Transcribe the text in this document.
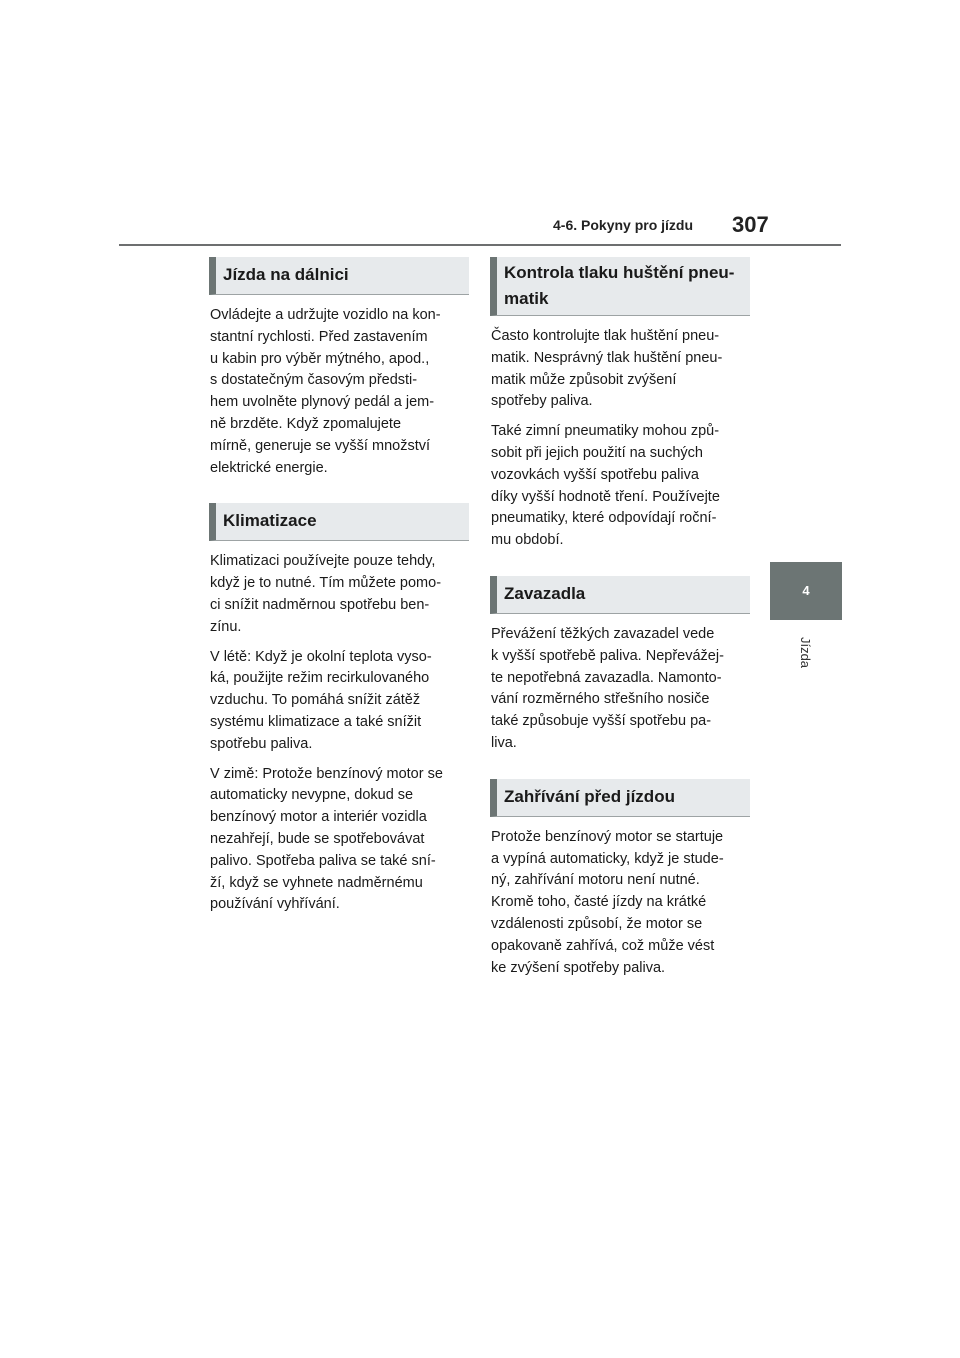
4-6. Pokyny pro jízdu 307
4
Jízda
Jízda na dálnici

Ovládejte a udržujte vozidlo na kon-
stantní rychlosti. Před zastavením
u kabin pro výběr mýtného, apod.,
s dostatečným časovým předsti-
hem uvolněte plynový pedál a jem-
ně brzděte. Když zpomalujete
mírně, generuje se vyšší množství
elektrické energie.

Klimatizace

Klimatizaci používejte pouze tehdy,
když je to nutné. Tím můžete pomo-
ci snížit nadměrnou spotřebu ben-
zínu.

V létě: Když je okolní teplota vyso-
ká, použijte režim recirkulovaného
vzduchu. To pomáhá snížit zátěž
systému klimatizace a také snížit
spotřebu paliva.

V zimě: Protože benzínový motor se
automaticky nevypne, dokud se
benzínový motor a interiér vozidla
nezahřejí, bude se spotřebovávat
palivo. Spotřeba paliva se také sní-
ží, když se vyhnete nadměrnému
používání vyhřívání.

Kontrola tlaku huštění pneu-
matik

Často kontrolujte tlak huštění pneu-
matik. Nesprávný tlak huštění pneu-
matik může způsobit zvýšení
spotřeby paliva.

Také zimní pneumatiky mohou způ-
sobit při jejich použití na suchých
vozovkách vyšší spotřebu paliva
díky vyšší hodnotě tření. Používejte
pneumatiky, které odpovídají roční-
mu období.

Zavazadla

Převážení těžkých zavazadel vede
k vyšší spotřebě paliva. Nepřevážej-
te nepotřebná zavazadla. Namonto-
vání rozměrného střešního nosiče
také způsobuje vyšší spotřebu pa-
liva.

Zahřívání před jízdou

Protože benzínový motor se startuje
a vypíná automaticky, když je stude-
ný, zahřívání motoru není nutné.
Kromě toho, časté jízdy na krátké
vzdálenosti způsobí, že motor se
opakovaně zahřívá, což může vést
ke zvýšení spotřeby paliva.
